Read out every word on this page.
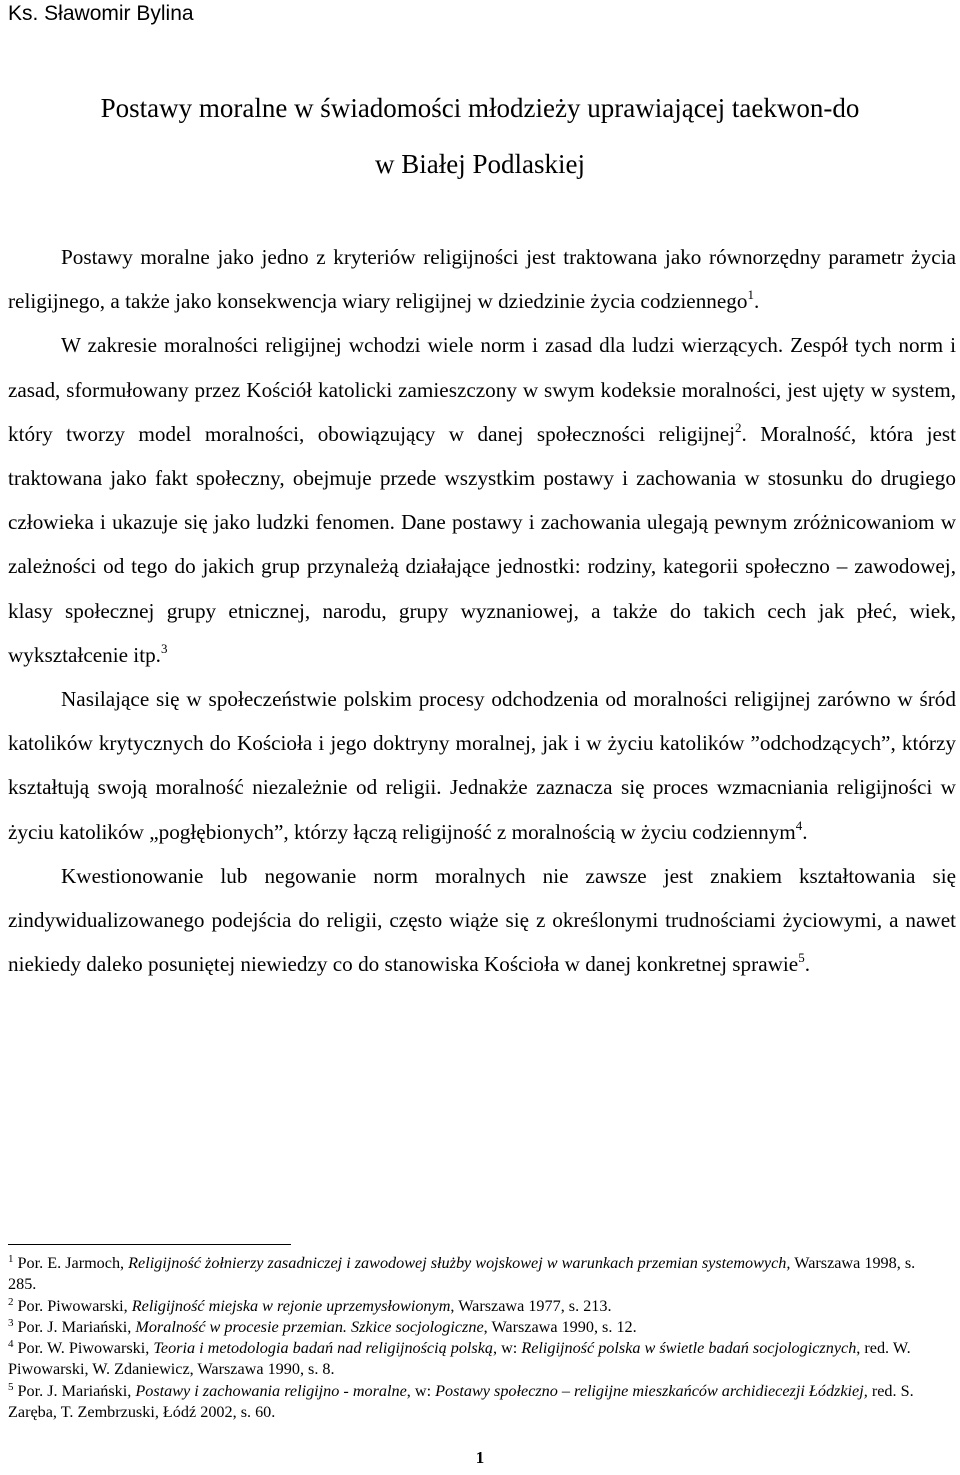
Ks. Sławomir Bylina
Postawy moralne w świadomości młodzieży uprawiającej taekwon-do
w Białej Podlaskiej

Postawy moralne jako jedno z kryteriów religijności jest traktowana jako równorzędny parametr życia religijnego, a także jako konsekwencja wiary religijnej w dziedzinie życia codziennego$^1$.

W zakresie moralności religijnej wchodzi wiele norm i zasad dla ludzi wierzących. Zespół tych norm i zasad, sformułowany przez Kościół katolicki zamieszczony w swym kodeksie moralności, jest ujęty w system, który tworzy model moralności, obowiązujący w danej społeczności religijnej$^2$. Moralność, która jest traktowana jako fakt społeczny, obejmuje przede wszystkim postawy i zachowania w stosunku do drugiego człowieka i ukazuje się jako ludzki fenomen. Dane postawy i zachowania ulegają pewnym zróżnicowaniom w zależności od tego do jakich grup przynależą działające jednostki: rodziny, kategorii społeczno – zawodowej, klasy społecznej grupy etnicznej, narodu, grupy wyznaniowej, a także do takich cech jak płeć, wiek, wykształcenie itp.$^3$

Nasilające się w społeczeństwie polskim procesy odchodzenia od moralności religijnej zarówno w śród katolików krytycznych do Kościoła i jego doktryny moralnej, jak i w życiu katolików ”odchodzących”, którzy kształtują swoją moralność niezależnie od religii. Jednakże zaznacza się proces wzmacniania religijności w życiu katolików „pogłębionych”, którzy łączą religijność z moralnością w życiu codziennym$^4$.

Kwestionowanie lub negowanie norm moralnych nie zawsze jest znakiem kształtowania się zindywidualizowanego podejścia do religii, często wiąże się z określonymi trudnościami życiowymi, a nawet niekiedy daleko posuniętej niewiedzy co do stanowiska Kościoła w danej konkretnej sprawie$^5$.

$^1$ Por. E. Jarmoch, Religijność żołnierzy zasadniczej i zawodowej służby wojskowej w warunkach przemian systemowych, Warszawa 1998, s. 285.

$^2$ Por. Piwowarski, Religijność miejska w rejonie uprzemysłowionym, Warszawa 1977, s. 213.

$^3$ Por. J. Mariański, Moralność w procesie przemian. Szkice socjologiczne, Warszawa 1990, s. 12.

$^4$ Por. W. Piwowarski, Teoria i metodologia badań nad religijnością polską, w: Religijność polska w świetle badań socjologicznych, red. W. Piwowarski, W. Zdaniewicz, Warszawa 1990, s. 8.

$^5$ Por. J. Mariański, Postawy i zachowania religijno - moralne, w: Postawy społeczno – religijne mieszkańców archidiecezji Łódzkiej, red. S. Zaręba, T. Zembrzuski, Łódź 2002, s. 60.

1
